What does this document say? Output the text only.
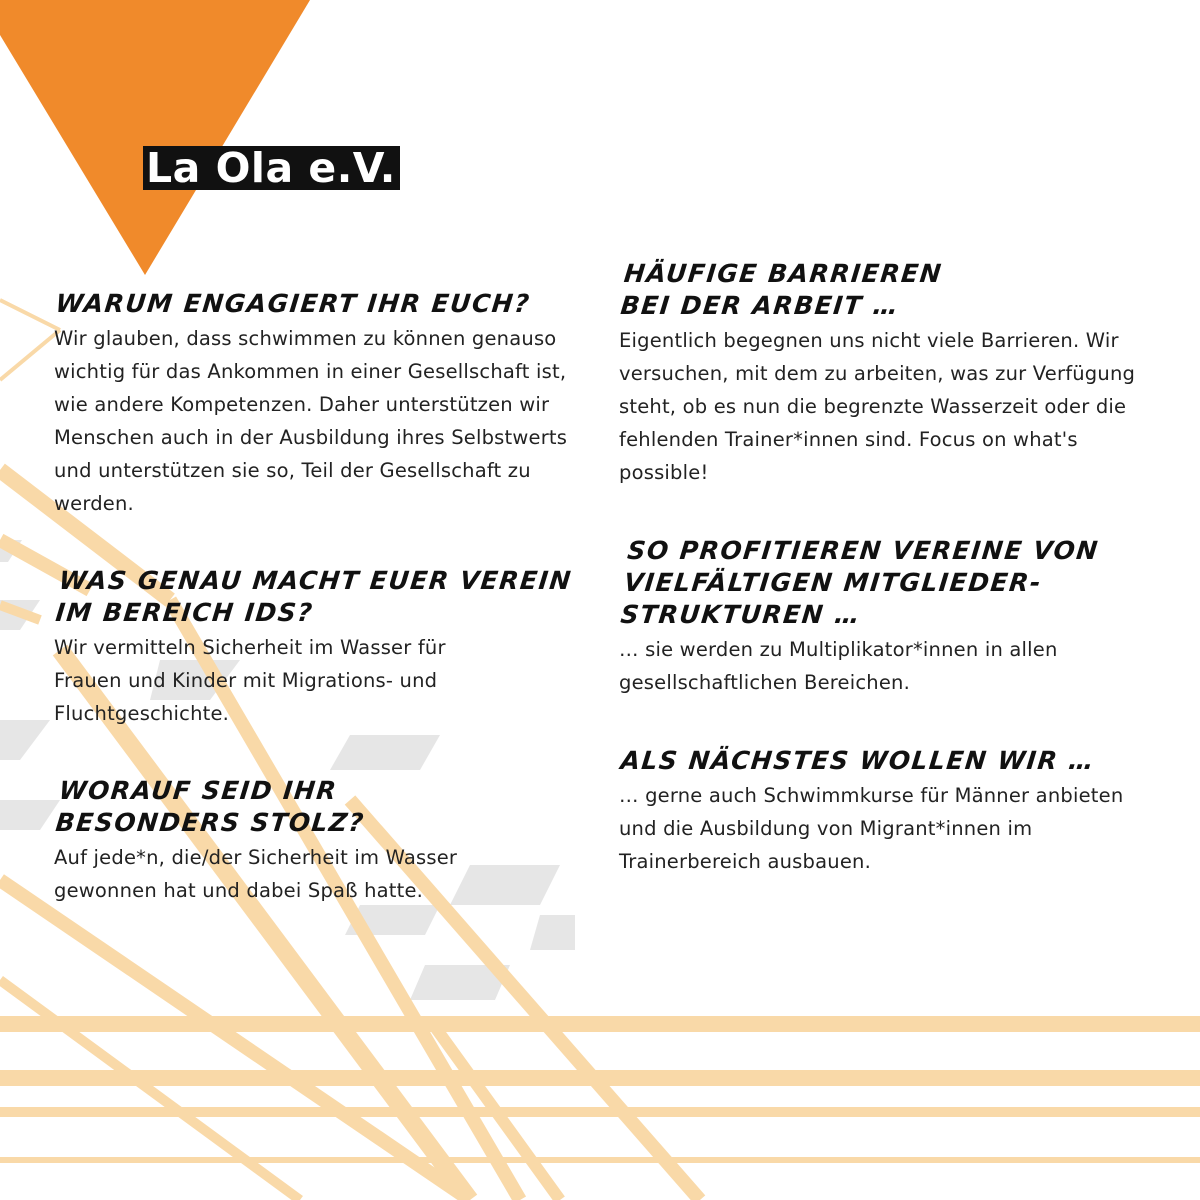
La Ola e.V.
WARUM ENGAGIERT IHR EUCH?

Wir glauben, dass schwimmen zu können genauso wichtig für das Ankommen in einer Gesellschaft ist, wie andere Kompetenzen. Daher unterstützen wir Menschen auch in der Ausbildung ihres Selbstwerts und unterstützen sie so, Teil der Gesellschaft zu werden.

WAS GENAU MACHT EUER VEREIN IM BEREICH IDS?

Wir vermitteln Sicherheit im Wasser für Frauen und Kinder mit Migrations- und Fluchtgeschichte.

WORAUF SEID IHR BESONDERS STOLZ?

Auf jede*n, die/der Sicherheit im Wasser gewonnen hat und dabei Spaß hatte.

HÄUFIGE BARRIEREN BEI DER ARBEIT …

Eigentlich begegnen uns nicht viele Barrieren. Wir versuchen, mit dem zu arbeiten, was zur Verfügung steht, ob es nun die begrenzte Wasserzeit oder die fehlenden Trainer*innen sind. Focus on what's possible!

SO PROFITIEREN VEREINE VON VIELFÄLTIGEN MITGLIEDER-STRUKTUREN …

… sie werden zu Multiplikator*innen in allen gesellschaftlichen Bereichen.

ALS NÄCHSTES WOLLEN WIR …

… gerne auch Schwimmkurse für Männer anbieten und die Ausbildung von Migrant*innen im Trainerbereich ausbauen.
